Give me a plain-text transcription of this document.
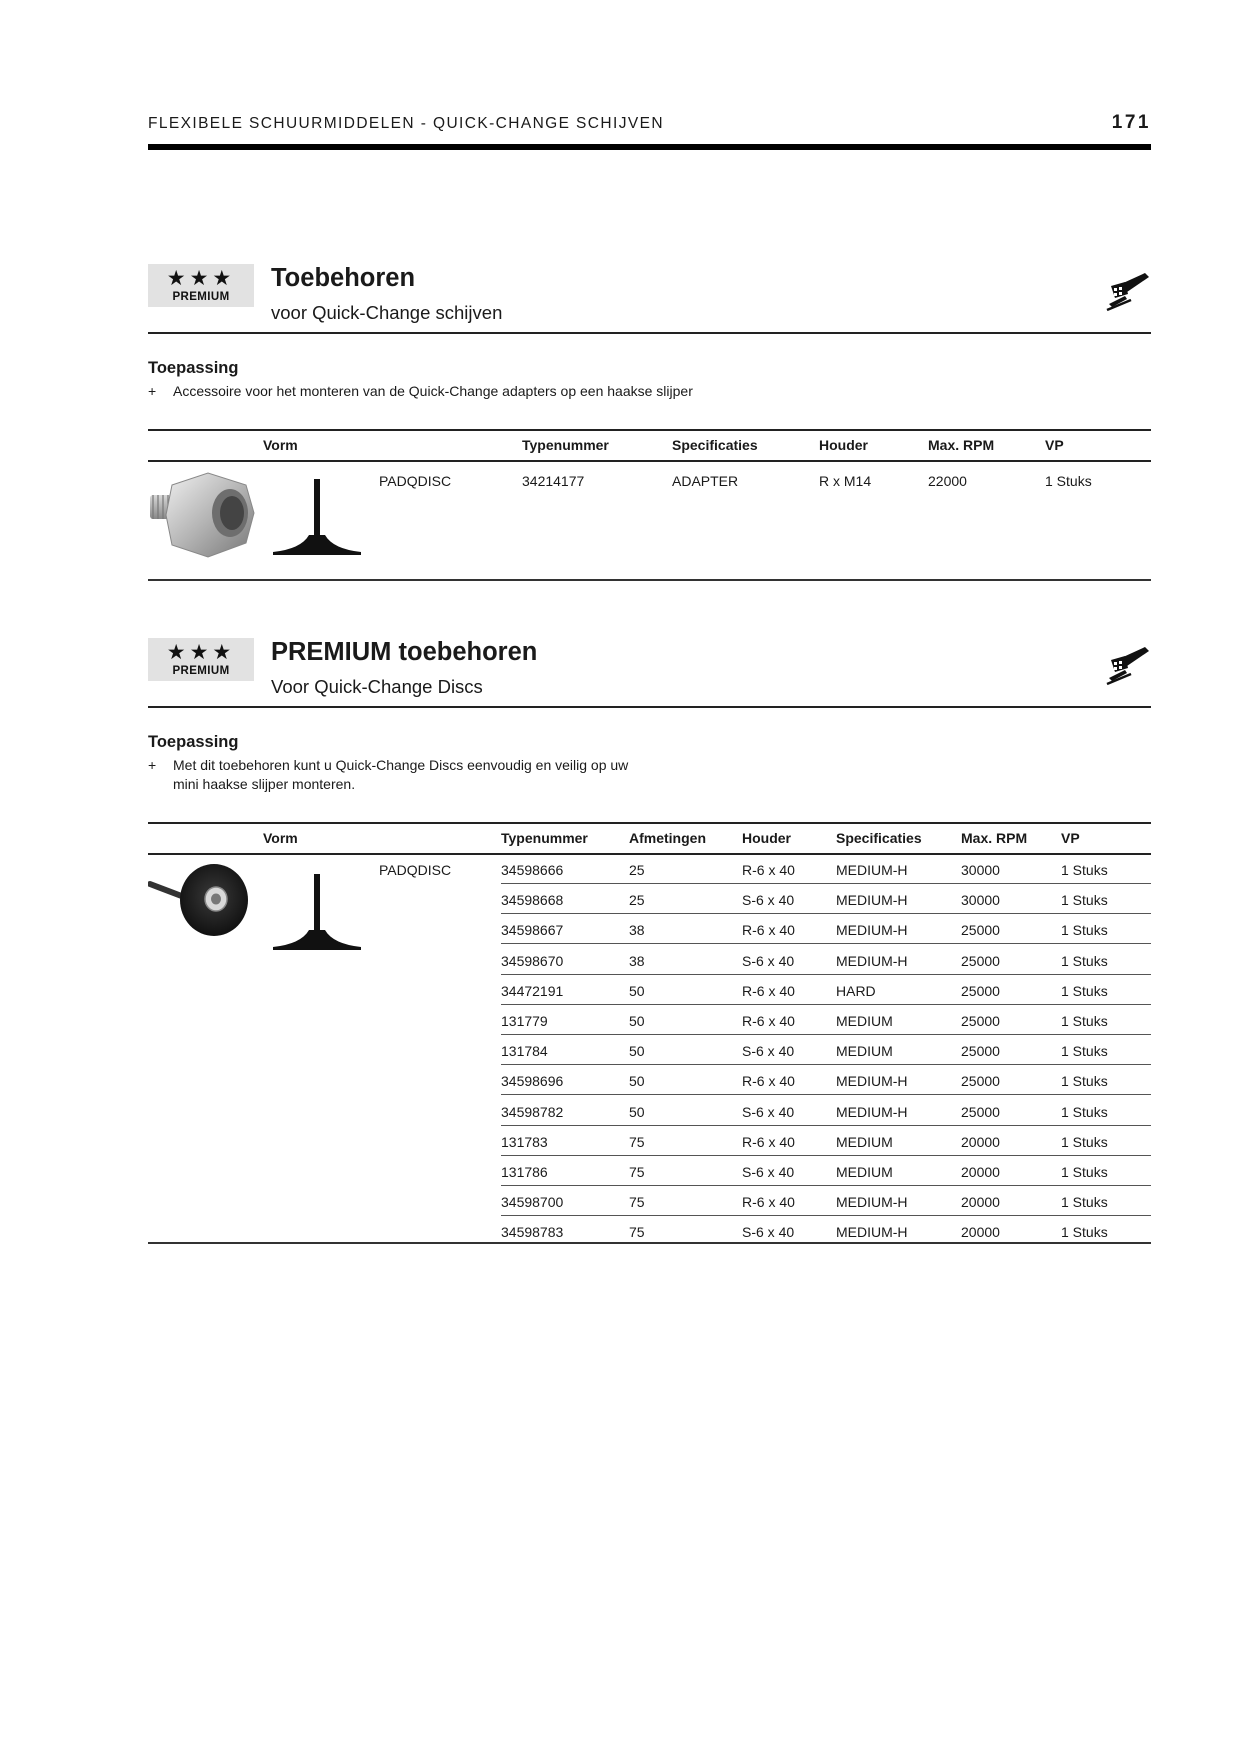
FLEXIBELE SCHUURMIDDELEN - QUICK-CHANGE SCHIJVEN	171
★★★
PREMIUM
Toebehoren
voor Quick-Change schijven
Toepassing
+ Accessoire voor het monteren van de Quick-Change adapters op een haakse slijper
Vorm	Typenummer	Specificaties	Houder	Max. RPM	VP
PADQDISC	34214177	ADAPTER	R x M14	22000	1 Stuks
★★★
PREMIUM
PREMIUM toebehoren
Voor Quick-Change Discs
Toepassing
+ Met dit toebehoren kunt u Quick-Change Discs eenvoudig en veilig op uw mini haakse slijper monteren.
Vorm	Typenummer	Afmetingen	Houder	Specificaties	Max. RPM VP
PADQDISC	34598666	25	R-6 x 40	MEDIUM-H	30000	1 Stuks
34598668	25	S-6 x 40	MEDIUM-H	30000	1 Stuks
34598667	38	R-6 x 40	MEDIUM-H	25000	1 Stuks
34598670	38	S-6 x 40	MEDIUM-H	25000	1 Stuks
34472191	50	R-6 x 40	HARD	25000	1 Stuks
131779	50	R-6 x 40	MEDIUM	25000	1 Stuks
131784	50	S-6 x 40	MEDIUM	25000	1 Stuks
34598696	50	R-6 x 40	MEDIUM-H	25000	1 Stuks
34598782	50	S-6 x 40	MEDIUM-H	25000	1 Stuks
131783	75	R-6 x 40	MEDIUM	20000	1 Stuks
131786	75	S-6 x 40	MEDIUM	20000	1 Stuks
34598700	75	R-6 x 40	MEDIUM-H	20000	1 Stuks
34598783	75	S-6 x 40	MEDIUM-H	20000	1 Stuks
